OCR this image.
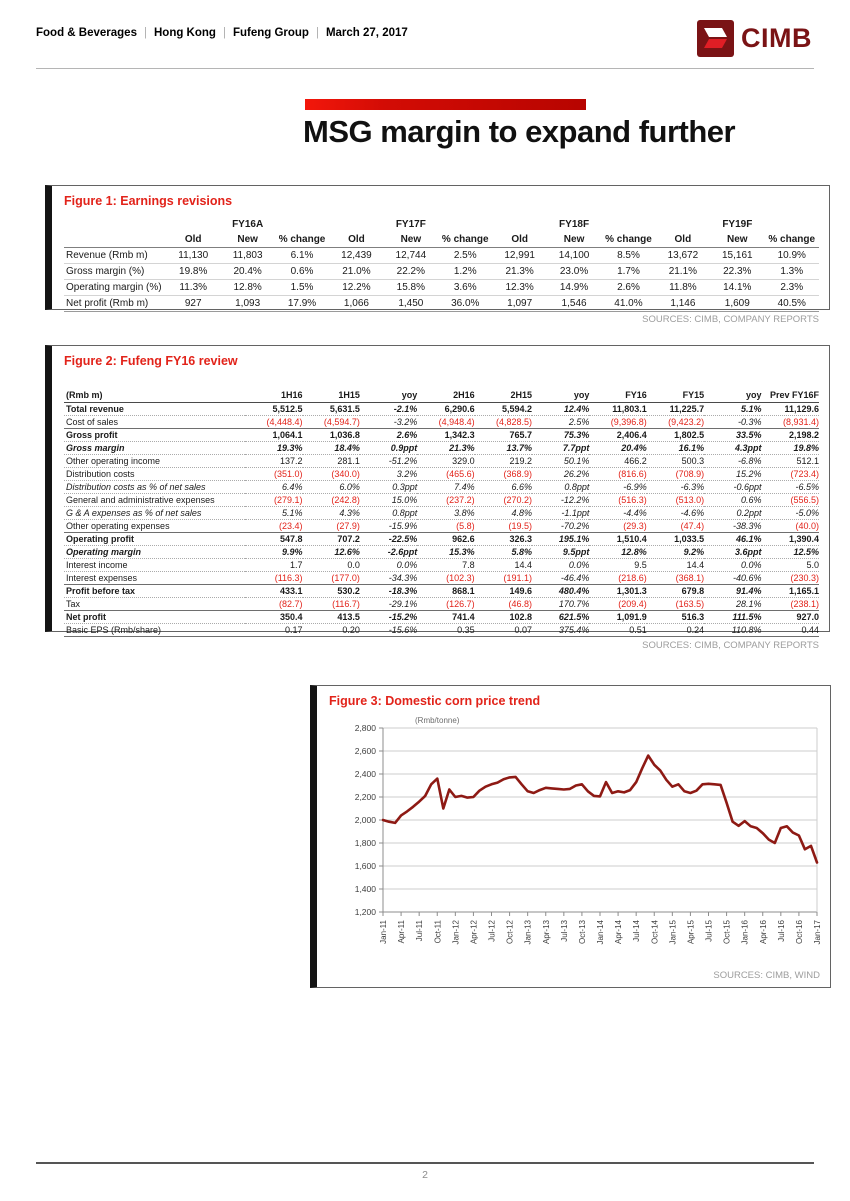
Food & Beverages | Hong Kong | Fufeng Group | March 27, 2017	CIMB
MSG margin to expand further
Figure 1: Earnings revisions
	FY16A			FY17F			FY18F			FY19F		
	Old	New	% change	Old	New	% change	Old	New	% change	Old	New	% change
Revenue (Rmb m)	11,130	11,803	6.1%	12,439	12,744	2.5%	12,991	14,100	8.5%	13,672	15,161	10.9%
Gross margin (%)	19.8%	20.4%	0.6%	21.0%	22.2%	1.2%	21.3%	23.0%	1.7%	21.1%	22.3%	1.3%
Operating margin (%)	11.3%	12.8%	1.5%	12.2%	15.8%	3.6%	12.3%	14.9%	2.6%	11.8%	14.1%	2.3%
Net profit (Rmb m)	927	1,093	17.9%	1,066	1,450	36.0%	1,097	1,546	41.0%	1,146	1,609	40.5%
SOURCES: CIMB, COMPANY REPORTS
Figure 2: Fufeng FY16 review
(Rmb m)	1H16	1H15	yoy	2H16	2H15	yoy	FY16	FY15	yoy	Prev FY16F
Total revenue	5,512.5	5,631.5	-2.1%	6,290.6	5,594.2	12.4%	11,803.1	11,225.7	5.1%	11,129.6
Cost of sales	(4,448.4)	(4,594.7)	-3.2%	(4,948.4)	(4,828.5)	2.5%	(9,396.8)	(9,423.2)	-0.3%	(8,931.4)
Gross profit	1,064.1	1,036.8	2.6%	1,342.3	765.7	75.3%	2,406.4	1,802.5	33.5%	2,198.2
Gross margin	19.3%	18.4%	0.9ppt	21.3%	13.7%	7.7ppt	20.4%	16.1%	4.3ppt	19.8%
Other operating income	137.2	281.1	-51.2%	329.0	219.2	50.1%	466.2	500.3	-6.8%	512.1
Distribution costs	(351.0)	(340.0)	3.2%	(465.6)	(368.9)	26.2%	(816.6)	(708.9)	15.2%	(723.4)
Distribution costs as % of net sales	6.4%	6.0%	0.3ppt	7.4%	6.6%	0.8ppt	-6.9%	-6.3%	-0.6ppt	-6.5%
General and administrative expenses	(279.1)	(242.8)	15.0%	(237.2)	(270.2)	-12.2%	(516.3)	(513.0)	0.6%	(556.5)
G & A expenses as % of net sales	5.1%	4.3%	0.8ppt	3.8%	4.8%	-1.1ppt	-4.4%	-4.6%	0.2ppt	-5.0%
Other operating expenses	(23.4)	(27.9)	-15.9%	(5.8)	(19.5)	-70.2%	(29.3)	(47.4)	-38.3%	(40.0)
Operating profit	547.8	707.2	-22.5%	962.6	326.3	195.1%	1,510.4	1,033.5	46.1%	1,390.4
Operating margin	9.9%	12.6%	-2.6ppt	15.3%	5.8%	9.5ppt	12.8%	9.2%	3.6ppt	12.5%
Interest income	1.7	0.0	0.0%	7.8	14.4	0.0%	9.5	14.4	0.0%	5.0
Interest expenses	(116.3)	(177.0)	-34.3%	(102.3)	(191.1)	-46.4%	(218.6)	(368.1)	-40.6%	(230.3)
Profit before tax	433.1	530.2	-18.3%	868.1	149.6	480.4%	1,301.3	679.8	91.4%	1,165.1
Tax	(82.7)	(116.7)	-29.1%	(126.7)	(46.8)	170.7%	(209.4)	(163.5)	28.1%	(238.1)
Net profit	350.4	413.5	-15.2%	741.4	102.8	621.5%	1,091.9	516.3	111.5%	927.0
Basic EPS (Rmb/share)	0.17	0.20	-15.6%	0.35	0.07	375.4%	0.51	0.24	110.8%	0.44
SOURCES: CIMB, COMPANY REPORTS
Figure 3: Domestic corn price trend
1,200
1,400
1,600
1,800
2,000
2,200
2,400
2,600
2,800
Jan-11 Apr-11 Jul-11 Oct-11 Jan-12 Apr-12 Jul-12 Oct-12 Jan-13 Apr-13 Jul-13 Oct-13 Jan-14 Apr-14 Jul-14 Oct-14 Jan-15 Apr-15 Jul-15 Oct-15 Jan-16 Apr-16 Jul-16 Oct-16 Jan-17
(Rmb/tonne)
SOURCES: CIMB, WIND
2
